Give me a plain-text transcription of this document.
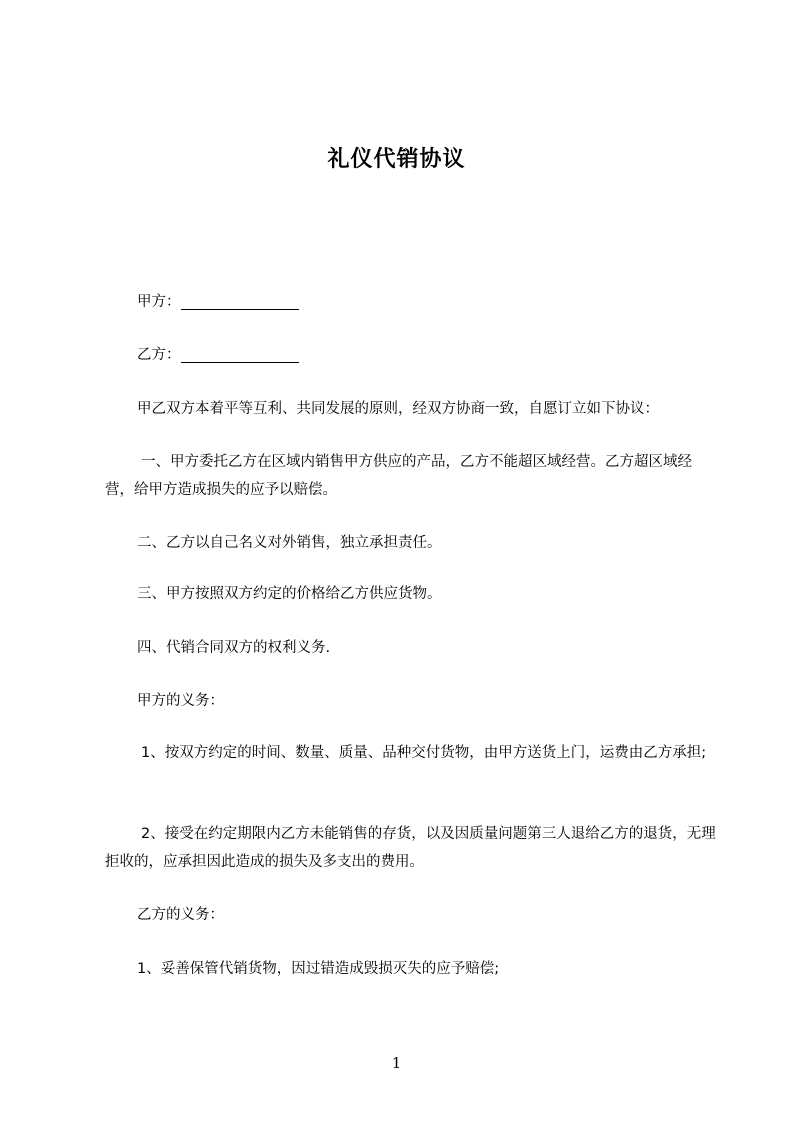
礼仪代销协议
甲方：
乙方：
甲乙双方本着平等互利、共同发展的原则，经双方协商一致，自愿订立如下协议：
一、甲方委托乙方在区域内销售甲方供应的产品，乙方不能超区域经营。乙方超区域经营，给甲方造成损失的应予以赔偿。
二、乙方以自己名义对外销售，独立承担责任。
三、甲方按照双方约定的价格给乙方供应货物。
四、代销合同双方的权利义务.
甲方的义务：
1、按双方约定的时间、数量、质量、品种交付货物，由甲方送货上门，运费由乙方承担;
2、接受在约定期限内乙方未能销售的存货，以及因质量问题第三人退给乙方的退货，无理拒收的，应承担因此造成的损失及多支出的费用。
乙方的义务：
1、妥善保管代销货物，因过错造成毁损灭失的应予赔偿;
1
